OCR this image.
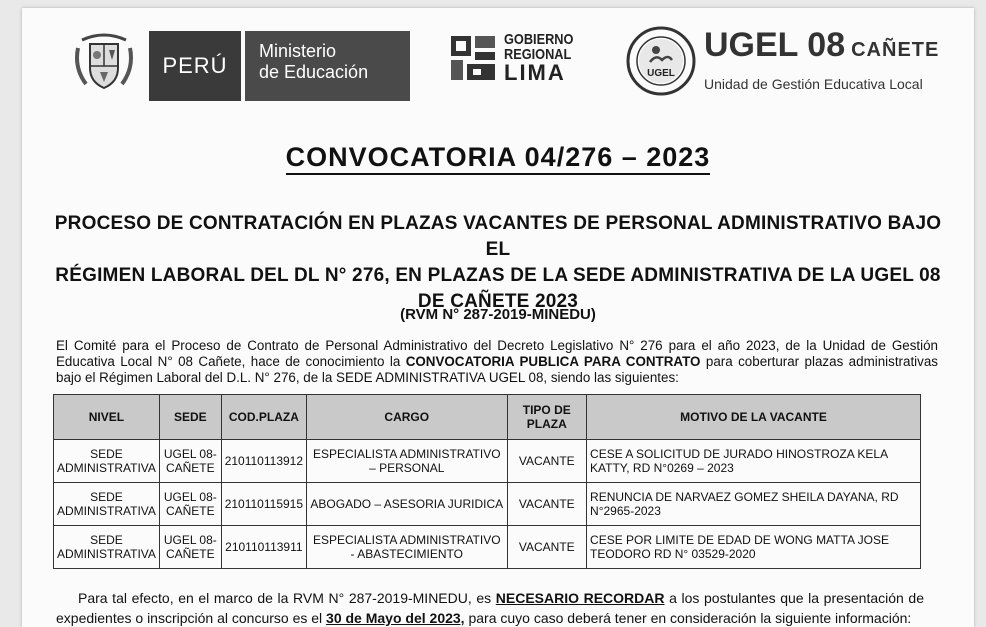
PERÚ
Ministerio
de Educación
GOBIERNO
REGIONAL
LIMA	UGEL
UGEL 08 CAÑETE
Unidad de Gestión Educativa Local
CONVOCATORIA 04/276 – 2023
PROCESO DE CONTRATACIÓN EN PLAZAS VACANTES DE PERSONAL ADMINISTRATIVO BAJO EL
RÉGIMEN LABORAL DEL DL N° 276, EN PLAZAS DE LA SEDE ADMINISTRATIVA DE LA UGEL 08
DE CAÑETE 2023
(RVM N° 287-2019-MINEDU)
El Comité para el Proceso de Contrato de Personal Administrativo del Decreto Legislativo N° 276 para el año 2023, de la Unidad de Gestión Educativa Local N° 08 Cañete, hace de conocimiento la CONVOCATORIA PUBLICA PARA CONTRATO para coberturar plazas administrativas bajo el Régimen Laboral del D.L. N° 276, de la SEDE ADMINISTRATIVA UGEL 08, siendo las siguientes:
NIVEL	SEDE	COD.PLAZA	CARGO	TIPO DE PLAZA	MOTIVO DE LA VACANTE
SEDE ADMINISTRATIVA	UGEL 08-CAÑETE	210110113912	ESPECIALISTA ADMINISTRATIVO – PERSONAL	VACANTE	CESE A SOLICITUD DE JURADO HINOSTROZA KELA KATTY, RD N°0269 – 2023
SEDE ADMINISTRATIVA	UGEL 08-CAÑETE	210110115915	ABOGADO – ASESORIA JURIDICA	VACANTE	RENUNCIA DE NARVAEZ GOMEZ SHEILA DAYANA, RD N°2965-2023
SEDE ADMINISTRATIVA	UGEL 08-CAÑETE	210110113911	ESPECIALISTA ADMINISTRATIVO - ABASTECIMIENTO	VACANTE	CESE POR LIMITE DE EDAD DE WONG MATTA JOSE TEODORO RD N° 03529-2020
Para tal efecto, en el marco de la RVM N° 287-2019-MINEDU, es NECESARIO RECORDAR a los postulantes que la presentación de expedientes o inscripción al concurso es el 30 de Mayo del 2023, para cuyo caso deberá tener en consideración la siguiente información:
